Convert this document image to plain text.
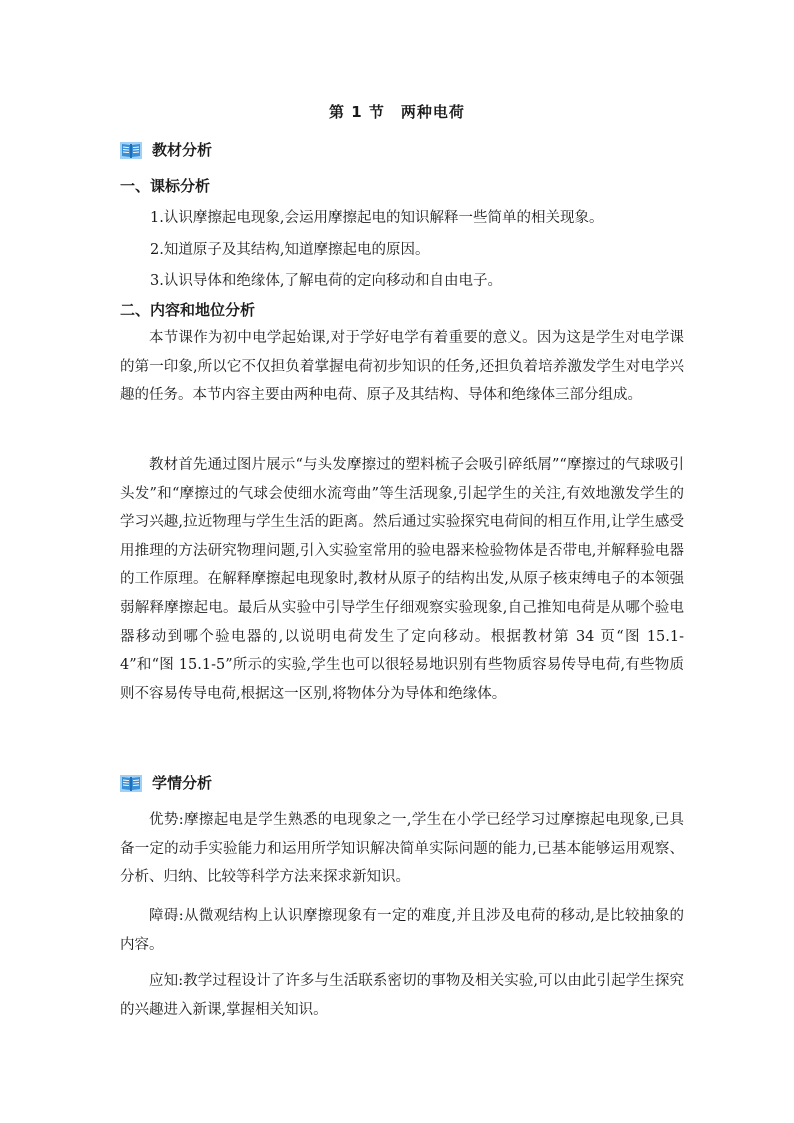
第 1 节　两种电荷
教材分析
一、课标分析
1.认识摩擦起电现象,会运用摩擦起电的知识解释一些简单的相关现象。
2.知道原子及其结构,知道摩擦起电的原因。
3.认识导体和绝缘体,了解电荷的定向移动和自由电子。
二、内容和地位分析

本节课作为初中电学起始课,对于学好电学有着重要的意义。因为这是学生对电学课的第一印象,所以它不仅担负着掌握电荷初步知识的任务,还担负着培养激发学生对电学兴趣的任务。本节内容主要由两种电荷、原子及其结构、导体和绝缘体三部分组成。

教材首先通过图片展示“与头发摩擦过的塑料梳子会吸引碎纸屑”“摩擦过的气球吸引头发”和“摩擦过的气球会使细水流弯曲”等生活现象,引起学生的关注,有效地激发学生的学习兴趣,拉近物理与学生生活的距离。然后通过实验探究电荷间的相互作用,让学生感受用推理的方法研究物理问题,引入实验室常用的验电器来检验物体是否带电,并解释验电器的工作原理。在解释摩擦起电现象时,教材从原子的结构出发,从原子核束缚电子的本领强弱解释摩擦起电。最后从实验中引导学生仔细观察实验现象,自己推知电荷是从哪个验电器移动到哪个验电器的,以说明电荷发生了定向移动。根据教材第 34 页“图 15.1-4”和“图 15.1-5”所示的实验,学生也可以很轻易地识别有些物质容易传导电荷,有些物质则不容易传导电荷,根据这一区别,将物体分为导体和绝缘体。

学情分析

优势:摩擦起电是学生熟悉的电现象之一,学生在小学已经学习过摩擦起电现象,已具备一定的动手实验能力和运用所学知识解决简单实际问题的能力,已基本能够运用观察、分析、归纳、比较等科学方法来探求新知识。

障碍:从微观结构上认识摩擦现象有一定的难度,并且涉及电荷的移动,是比较抽象的内容。

应知:教学过程设计了许多与生活联系密切的事物及相关实验,可以由此引起学生探究的兴趣进入新课,掌握相关知识。
